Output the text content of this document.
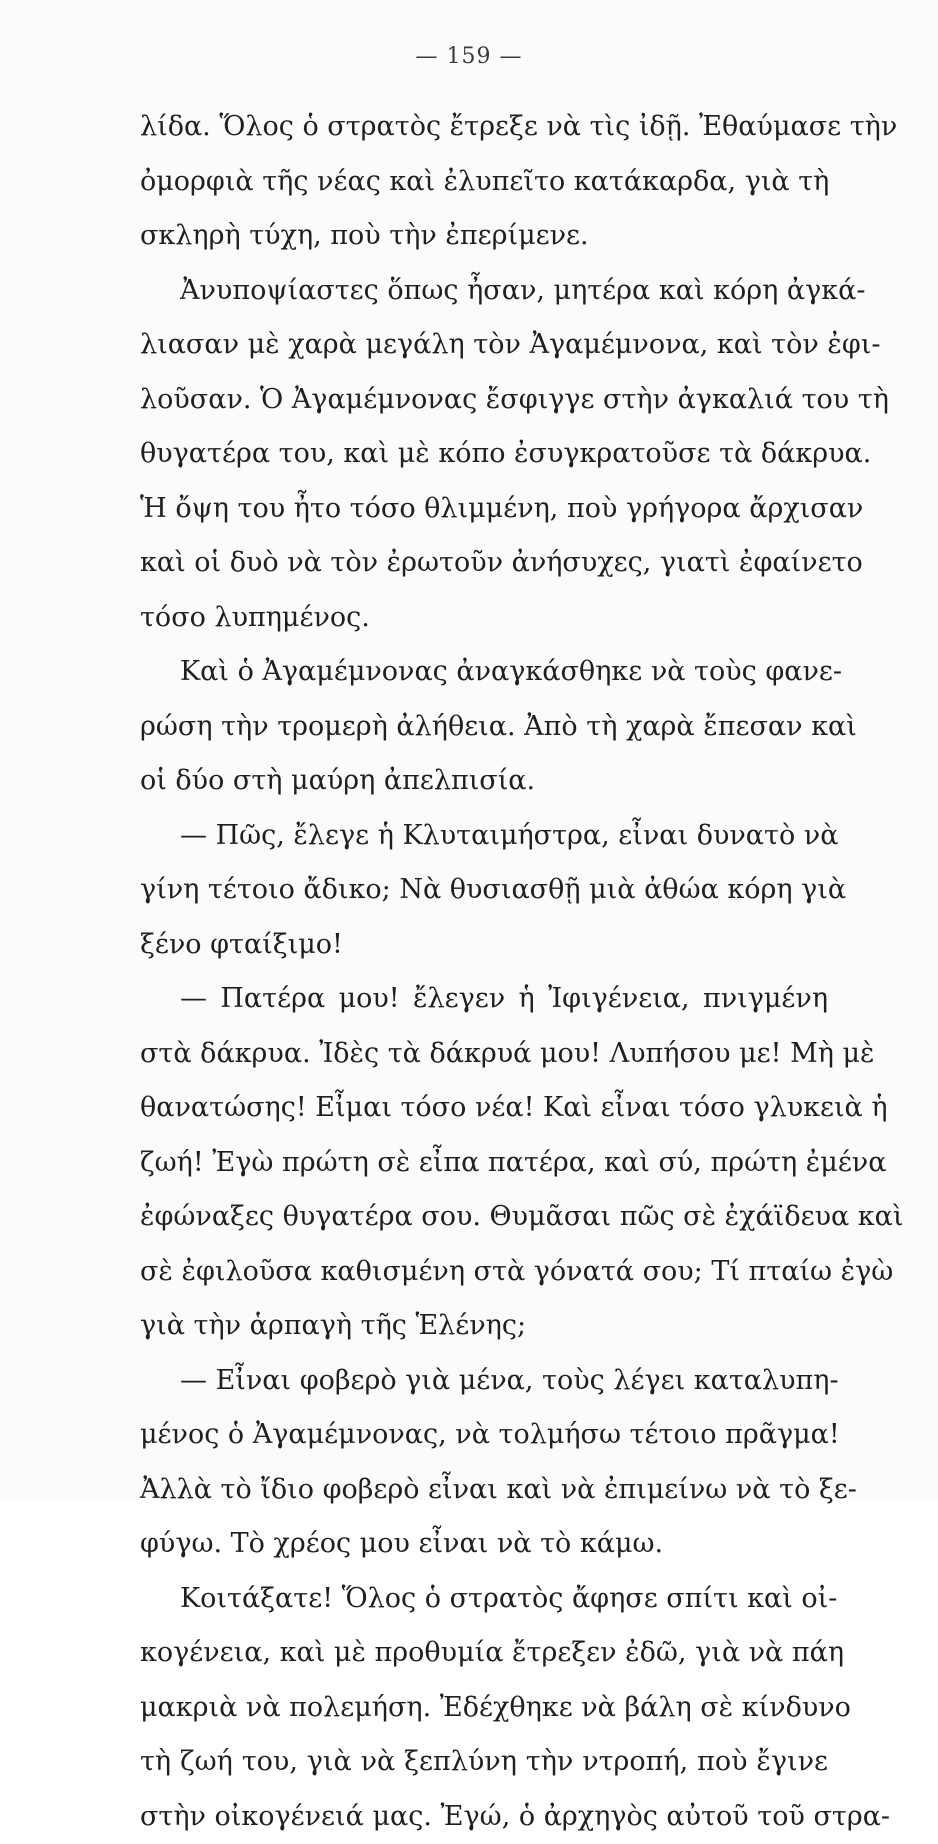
— 159 —
λίδα. Ὅλος ὁ στρατὸς ἔτρεξε νὰ τὶς ἰδῇ. Ἐθαύμασε τὴν
ὀμορφιὰ τῆς νέας καὶ ἐλυπεῖτο κατάκαρδα, γιὰ τὴ
σκληρὴ τύχη, ποὺ τὴν ἐπερίμενε.
Ἀνυποψίαστες ὅπως ἦσαν, μητέρα καὶ κόρη ἀγκά-
λιασαν μὲ χαρὰ μεγάλη τὸν Ἀγαμέμνονα, καὶ τὸν ἐφι-
λοῦσαν. Ὁ Ἀγαμέμνονας ἔσφιγγε στὴν ἀγκαλιά του τὴ
θυγατέρα του, καὶ μὲ κόπο ἐσυγκρατοῦσε τὰ δάκρυα.
Ἡ ὄψη του ἦτο τόσο θλιμμένη, ποὺ γρήγορα ἄρχισαν
καὶ οἱ δυὸ νὰ τὸν ἐρωτοῦν ἀνήσυχες, γιατὶ ἐφαίνετο
τόσο λυπημένος.
Καὶ ὁ Ἀγαμέμνονας ἀναγκάσθηκε νὰ τοὺς φανε-
ρώση τὴν τρομερὴ ἀλήθεια. Ἀπὸ τὴ χαρὰ ἔπεσαν καὶ
οἱ δύο στὴ μαύρη ἀπελπισία.
— Πῶς, ἔλεγε ἡ Κλυταιμήστρα, εἶναι δυνατὸ νὰ
γίνη τέτοιο ἄδικο; Νὰ θυσιασθῇ μιὰ ἀθώα κόρη γιὰ
ξένο φταίξιμο!
— Πατέρα μου! ἔλεγεν ἡ Ἰφιγένεια, πνιγμένη
στὰ δάκρυα. Ἰδὲς τὰ δάκρυά μου! Λυπήσου με! Μὴ μὲ
θανατώσης! Εἶμαι τόσο νέα! Καὶ εἶναι τόσο γλυκειὰ ἡ
ζωή! Ἐγὼ πρώτη σὲ εἶπα πατέρα, καὶ σύ, πρώτη ἐμένα
ἐφώναξες θυγατέρα σου. Θυμᾶσαι πῶς σὲ ἐχάϊδευα καὶ
σὲ ἐφιλοῦσα καθισμένη στὰ γόνατά σου; Τί πταίω ἐγὼ
γιὰ τὴν ἁρπαγὴ τῆς Ἑλένης;
— Εἶναι φοβερὸ γιὰ μένα, τοὺς λέγει καταλυπη-
μένος ὁ Ἀγαμέμνονας, νὰ τολμήσω τέτοιο πρᾶγμα!
Ἀλλὰ τὸ ἴδιο φοβερὸ εἶναι καὶ νὰ ἐπιμείνω νὰ τὸ ξε-
φύγω. Τὸ χρέος μου εἶναι νὰ τὸ κάμω.
Κοιτάξατε! Ὅλος ὁ στρατὸς ἄφησε σπίτι καὶ οἰ-
κογένεια, καὶ μὲ προθυμία ἔτρεξεν ἐδῶ, γιὰ νὰ πάη
μακριὰ νὰ πολεμήση. Ἐδέχθηκε νὰ βάλη σὲ κίνδυνο
τὴ ζωή του, γιὰ νὰ ξεπλύνη τὴν ντροπή, ποὺ ἔγινε
στὴν οἰκογένειά μας. Ἐγώ, ὁ ἀρχηγὸς αὐτοῦ τοῦ στρα-
